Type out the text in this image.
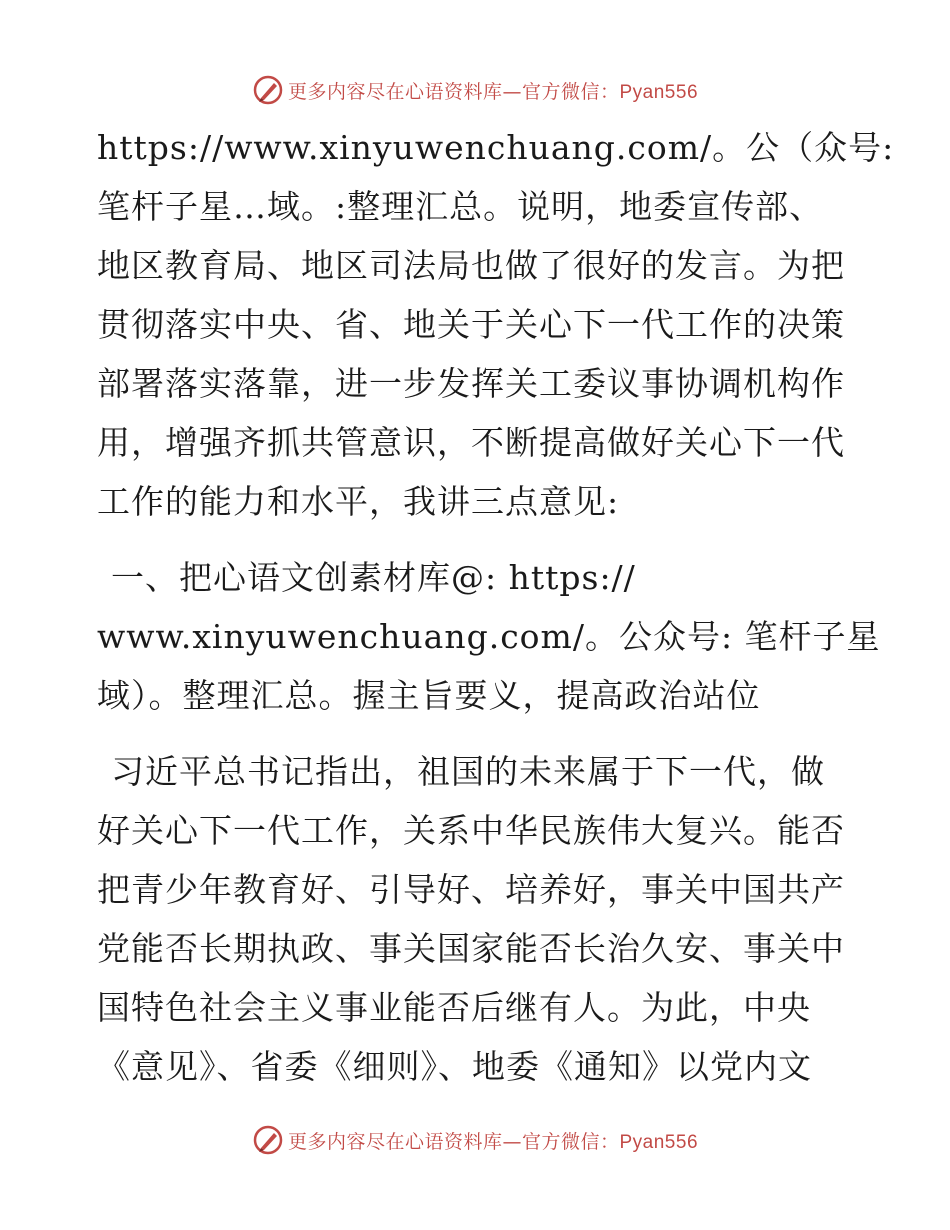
更多内容尽在心语资料库—官方微信：Pyan556
https://www.xinyuwenchuang.com/。公（众号:
笔杆子星…域。:整理汇总。说明，地委宣传部、
地区教育局、地区司法局也做了很好的发言。为把
贯彻落实中央、省、地关于关心下一代工作的决策
部署落实落靠，进一步发挥关工委议事协调机构作
用，增强齐抓共管意识，不断提高做好关心下一代
工作的能力和水平，我讲三点意见:
一、把心语文创素材库@: https://
www.xinyuwenchuang.com/。公众号: 笔杆子星
域）。整理汇总。握主旨要义，提高政治站位
习近平总书记指出，祖国的未来属于下一代，做
好关心下一代工作，关系中华民族伟大复兴。能否
把青少年教育好、引导好、培养好，事关中国共产
党能否长期执政、事关国家能否长治久安、事关中
国特色社会主义事业能否后继有人。为此，中央
《意见》、省委《细则》、地委《通知》以党内文
更多内容尽在心语资料库—官方微信：Pyan556
